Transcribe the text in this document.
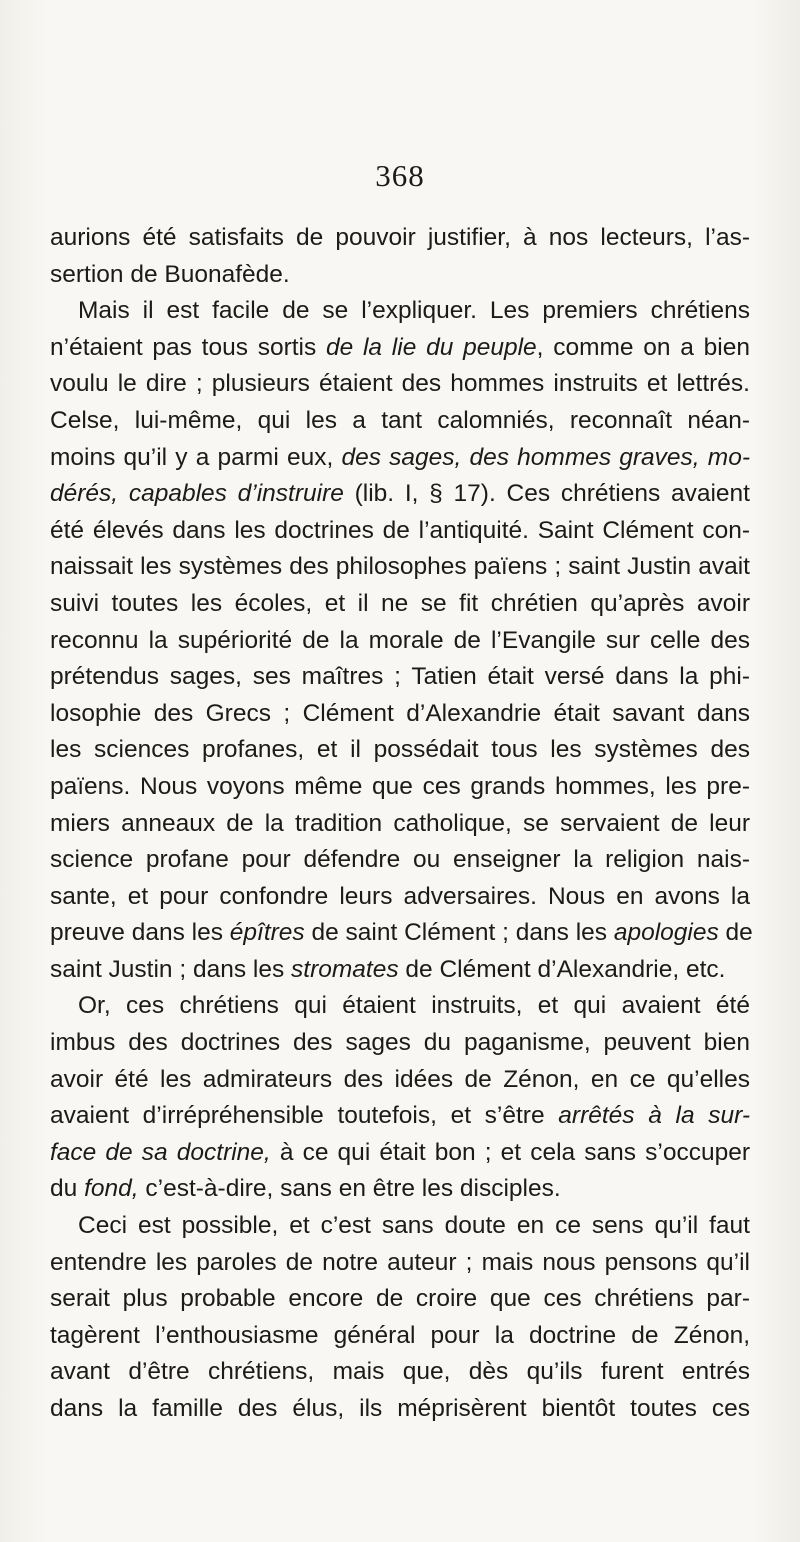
368

aurions été satisfaits de pouvoir justifier, à nos lecteurs, l’as-

sertion de Buonafède.

Mais il est facile de se l’expliquer. Les premiers chrétiens

n’étaient pas tous sortis de la lie du peuple, comme on a bien

voulu le dire ; plusieurs étaient des hommes instruits et lettrés.

Celse, lui-même, qui les a tant calomniés, reconnaît néan-

moins qu’il y a parmi eux, des sages, des hommes graves, mo-

dérés, capables d’instruire (lib. I, § 17). Ces chrétiens avaient

été élevés dans les doctrines de l’antiquité. Saint Clément con-

naissait les systèmes des philosophes païens ; saint Justin avait

suivi toutes les écoles, et il ne se fit chrétien qu’après avoir

reconnu la supériorité de la morale de l’Evangile sur celle des

prétendus sages, ses maîtres ; Tatien était versé dans la phi-

losophie des Grecs ; Clément d’Alexandrie était savant dans

les sciences profanes, et il possédait tous les systèmes des

païens. Nous voyons même que ces grands hommes, les pre-

miers anneaux de la tradition catholique, se servaient de leur

science profane pour défendre ou enseigner la religion nais-

sante, et pour confondre leurs adversaires. Nous en avons la

preuve dans les épîtres de saint Clément ; dans les apologies de

saint Justin ; dans les stromates de Clément d’Alexandrie, etc.

Or, ces chrétiens qui étaient instruits, et qui avaient été

imbus des doctrines des sages du paganisme, peuvent bien

avoir été les admirateurs des idées de Zénon, en ce qu’elles

avaient d’irrépréhensible toutefois, et s’être arrêtés à la sur-

face de sa doctrine, à ce qui était bon ; et cela sans s’occuper

du fond, c’est-à-dire, sans en être les disciples.

Ceci est possible, et c’est sans doute en ce sens qu’il faut

entendre les paroles de notre auteur ; mais nous pensons qu’il

serait plus probable encore de croire que ces chrétiens par-

tagèrent l’enthousiasme général pour la doctrine de Zénon,

avant d’être chrétiens, mais que, dès qu’ils furent entrés

dans la famille des élus, ils méprisèrent bientôt toutes ces
